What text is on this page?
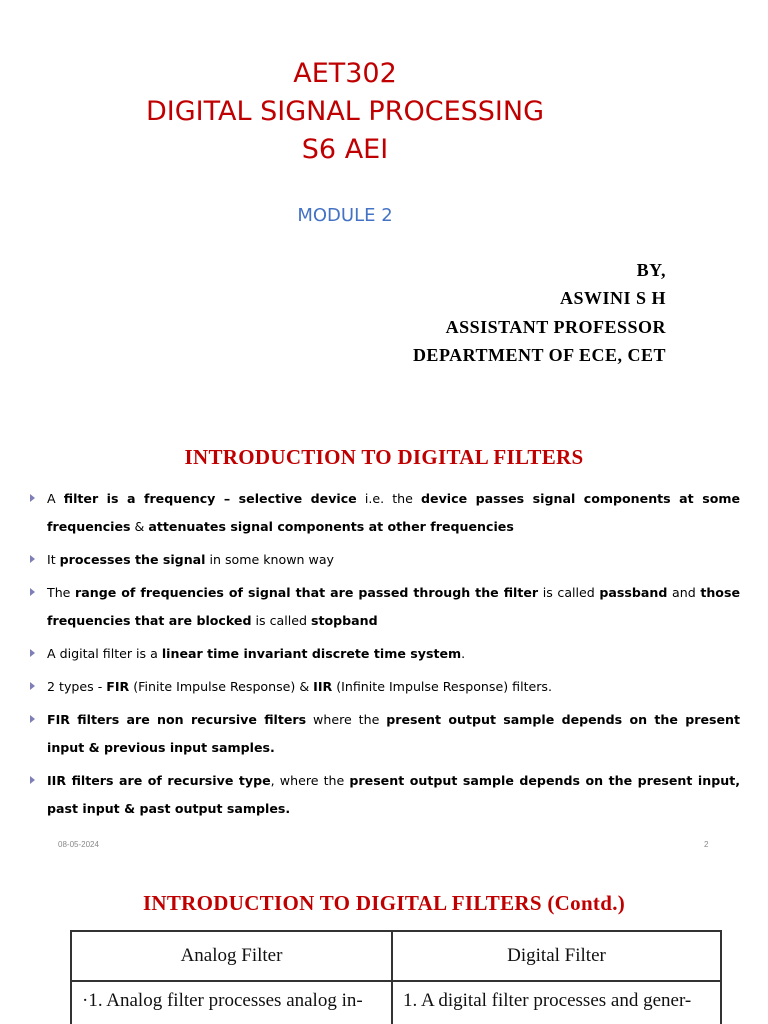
AET302
DIGITAL SIGNAL PROCESSING
S6 AEI
MODULE 2
BY,
ASWINI S H
ASSISTANT PROFESSOR
DEPARTMENT OF ECE, CET
INTRODUCTION TO DIGITAL FILTERS
A filter is a frequency – selective device i.e. the device passes signal components at some frequencies & attenuates signal components at other frequencies
It processes the signal in some known way
The range of frequencies of signal that are passed through the filter is called passband and those frequencies that are blocked is called stopband
A digital filter is a linear time invariant discrete time system.
2 types - FIR (Finite Impulse Response) & IIR (Infinite Impulse Response) filters.
FIR filters are non recursive filters where the present output sample depends on the present input & previous input samples.
IIR filters are of recursive type, where the present output sample depends on the present input, past input & past output samples.
08-05-2024	2
INTRODUCTION TO DIGITAL FILTERS (Contd.)
Analog Filter	Digital Filter
·1. Analog filter processes analog in-	1. A digital filter processes and gener-
